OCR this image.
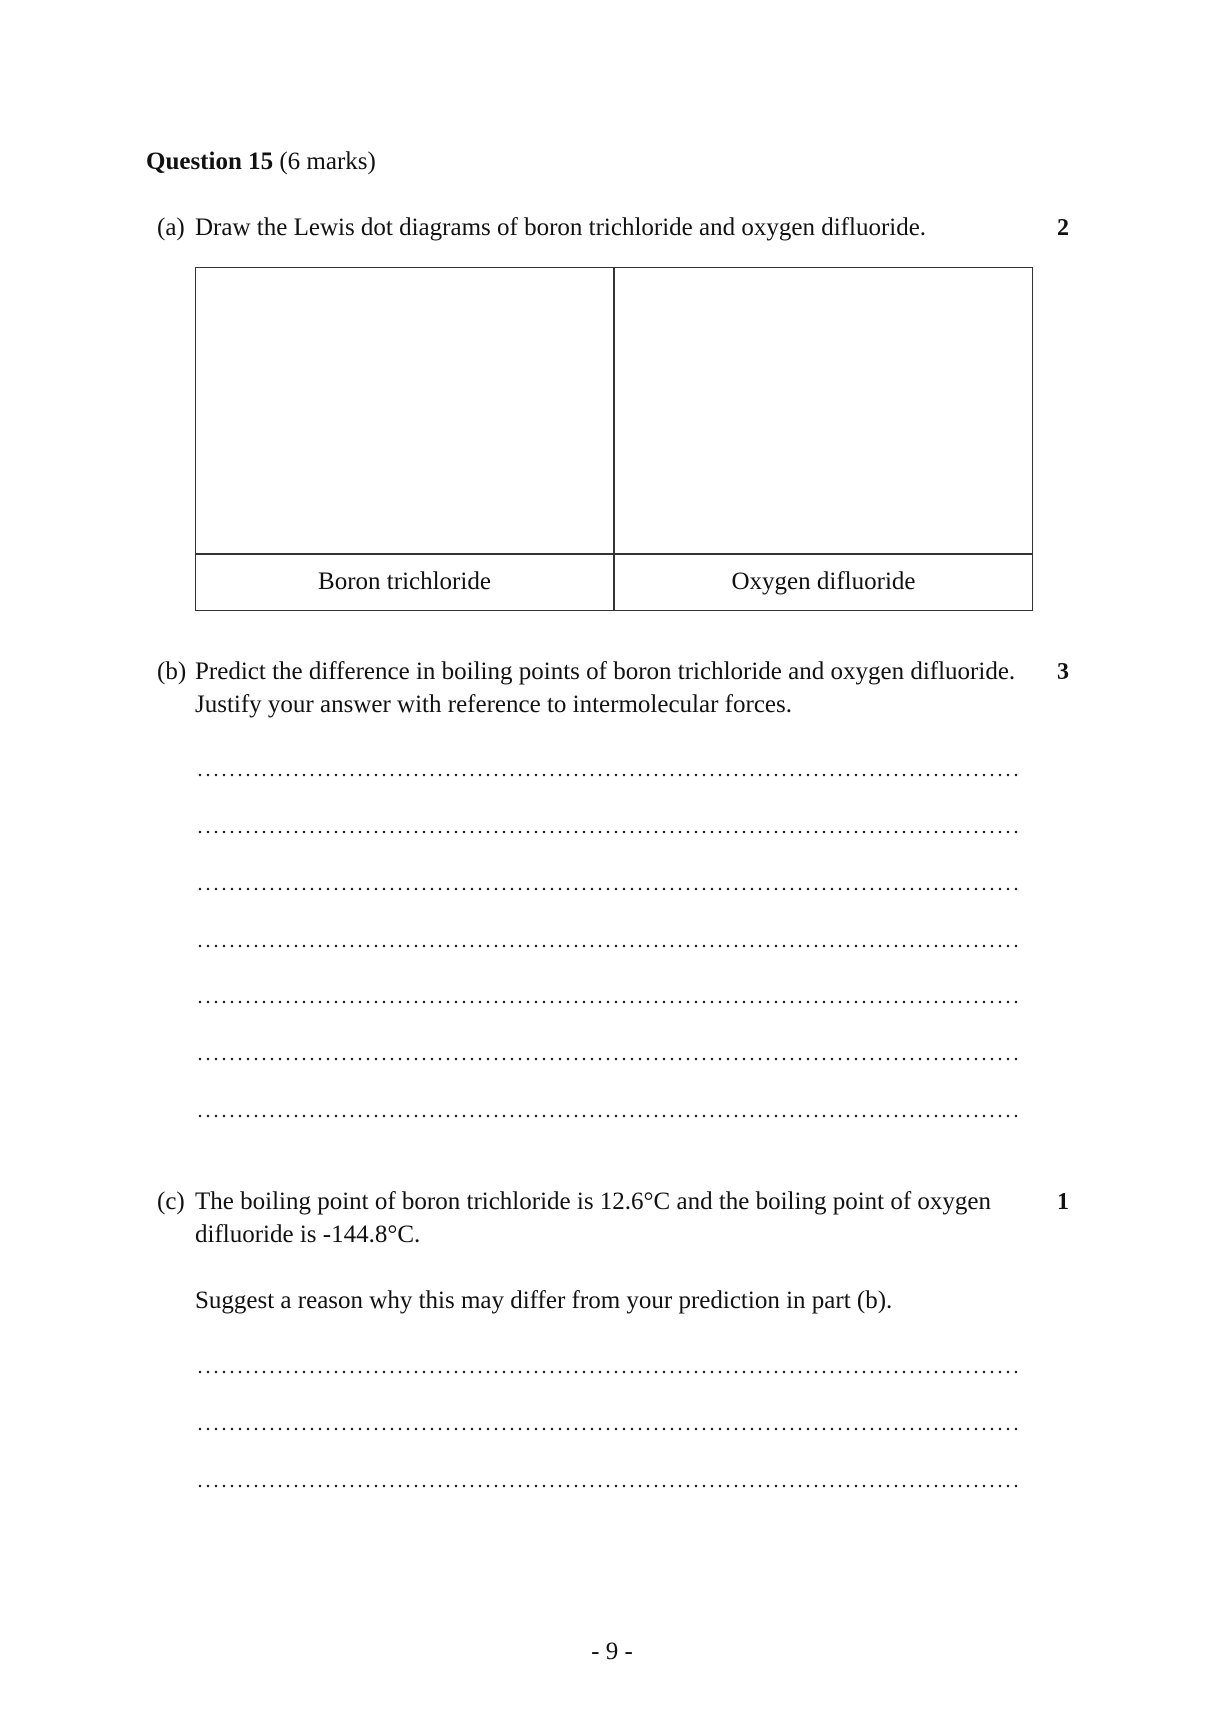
Question 15 (6 marks)
(a) Draw the Lewis dot diagrams of boron trichloride and oxygen difluoride.	2
Boron trichloride	Oxygen difluoride
(b) Predict the difference in boiling points of boron trichloride and oxygen difluoride.
Justify your answer with reference to intermolecular forces.
3
(c) The boiling point of boron trichloride is 12.6°C and the boiling point of oxygen
difluoride is -144.8°C.
1
Suggest a reason why this may differ from your prediction in part (b).
- 9 -
